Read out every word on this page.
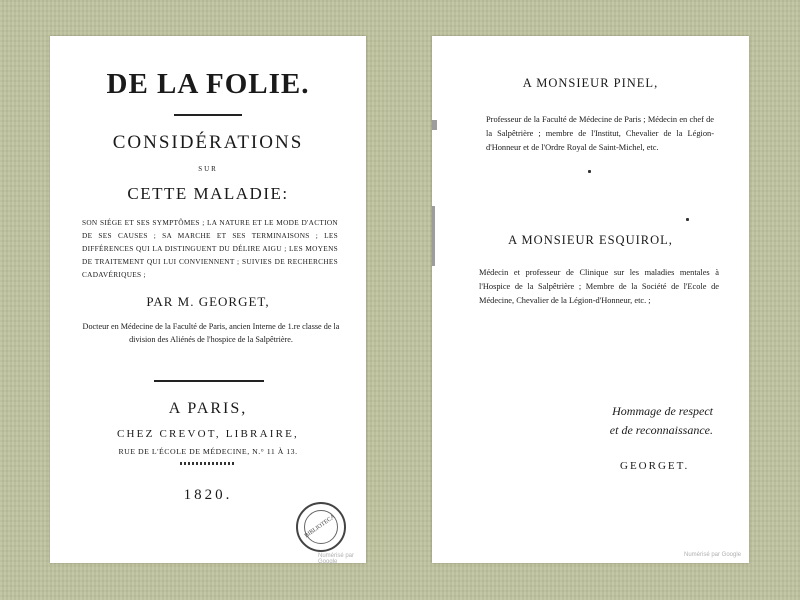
DE LA FOLIE.
CONSIDÉRATIONS
SUR
CETTE MALADIE:
SON SIÉGE ET SES SYMPTÔMES ; LA NATURE ET LE MODE D'ACTION DE SES CAUSES ; SA MARCHE ET SES TERMINAISONS ; LES DIFFÉRENCES QUI LA DISTINGUENT DU DÉLIRE AIGU ; LES MOYENS DE TRAITEMENT QUI LUI CONVIENNENT ; SUIVIES DE RECHERCHES CADAVÉRIQUES ;
PAR M. GEORGET,
Docteur en Médecine de la Faculté de Paris, ancien Interne de 1.re classe de la division des Aliénés de l'hospice de la Salpêtrière.
A PARIS,
CHEZ CREVOT, LIBRAIRE,
RUE DE L'ÉCOLE DE MÉDECINE, N.° 11 À 13.
1820.
BIBLIOTECA
Numérisé par Google
A MONSIEUR PINEL,
Professeur de la Faculté de Médecine de Paris ; Médecin en chef de la Salpêtrière ; membre de l'Institut, Chevalier de la Légion-d'Honneur et de l'Ordre Royal de Saint-Michel, etc.
A MONSIEUR ESQUIROL,
Médecin et professeur de Clinique sur les maladies mentales à l'Hospice de la Salpêtrière ; Membre de la Société de l'Ecole de Médecine, Chevalier de la Légion-d'Honneur, etc. ;
Hommage de respect
et de reconnaissance.
GEORGET.
Numérisé par Google
